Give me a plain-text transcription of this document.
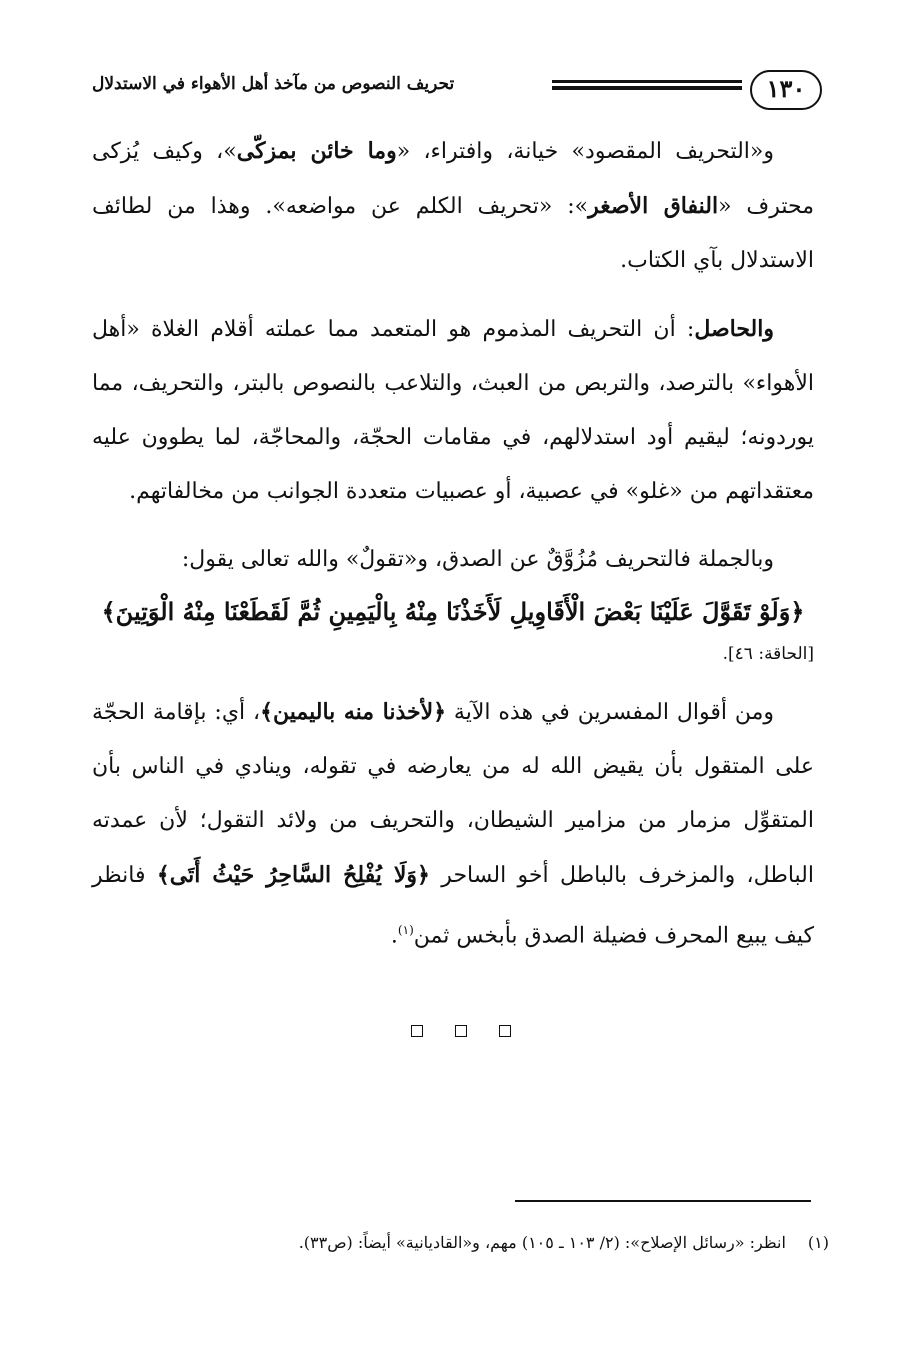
١٣٠
تحريف النصوص من مآخذ أهل الأهواء في الاستدلال

و«التحريف المقصود» خيانة، وافتراء، «وما خائن بمزكّى»، وكيف يُزكى محترف «النفاق الأصغر»: «تحريف الكلم عن مواضعه». وهذا من لطائف الاستدلال بآي الكتاب.

والحاصل: أن التحريف المذموم هو المتعمد مما عملته أقلام الغلاة «أهل الأهواء» بالترصد، والتربص من العبث، والتلاعب بالنصوص بالبتر، والتحريف، مما يوردونه؛ ليقيم أود استدلالهم، في مقامات الحجّة، والمحاجّة، لما يطوون عليه معتقداتهم من «غلو» في عصبية، أو عصبيات متعددة الجوانب من مخالفاتهم.

وبالجملة فالتحريف مُزُوَّقٌ عن الصدق، و«تقولٌ» والله تعالى يقول:

﴿وَلَوْ تَقَوَّلَ عَلَيْنَا بَعْضَ الْأَقَاوِيلِ لَأَخَذْنَا مِنْهُ بِالْيَمِينِ ثُمَّ لَقَطَعْنَا مِنْهُ الْوَتِينَ﴾

[الحاقة: ٤٦].

ومن أقوال المفسرين في هذه الآية ﴿لأخذنا منه باليمين﴾، أي: بإقامة الحجّة على المتقول بأن يقيض الله له من يعارضه في تقوله، وينادي في الناس بأن المتقوِّل مزمار من مزامير الشيطان، والتحريف من ولائد التقول؛ لأن عمدته الباطل، والمزخرف بالباطل أخو الساحر ﴿وَلَا يُفْلِحُ السَّاحِرُ حَيْثُ أَتَى﴾ فانظر كيف يبيع المحرف فضيلة الصدق بأبخس ثمن$^{(١)}$.

(١)انظر: «رسائل الإصلاح»: (٢/ ١٠٣ ـ ١٠٥) مهم، و«القاديانية» أيضاً: (ص٣٣).
